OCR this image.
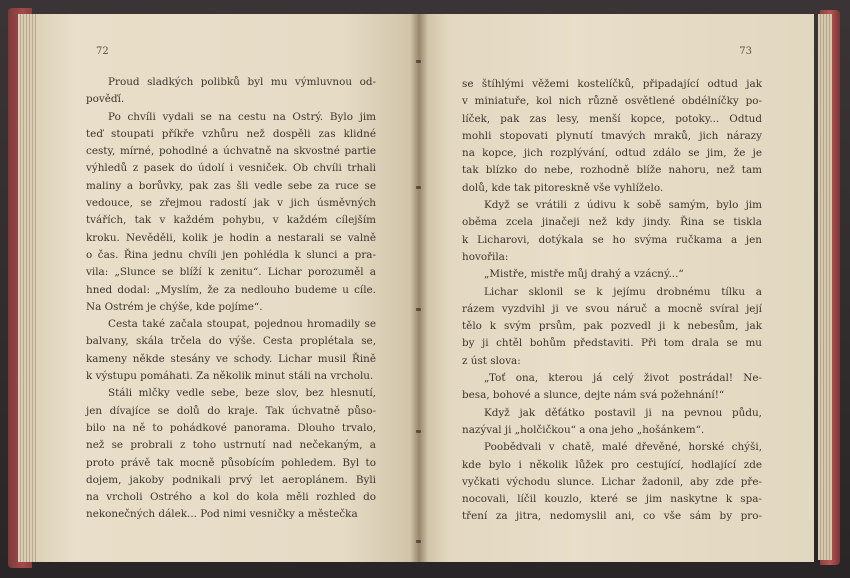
72
Proud sladkých polibků byl mu výmluvnou od-
pověďí.
Po chvíli vydali se na cestu na Ostrý. Bylo jim
teď stoupati příkře vzhůru než dospěli zas klidné
cesty, mírné, pohodlné a úchvatně na skvostné partie
výhledů z pasek do údolí i vesniček. Ob chvíli trhali
maliny a borůvky, pak zas šli vedle sebe za ruce se
vedouce, se zřejmou radostí jak v jich úsměvných
tvářích, tak v každém pohybu, v každém cílejším
kroku. Nevěděli, kolik je hodin a nestarali se valně
o čas. Řina jednu chvíli jen pohlédla k slunci a pra-
vila: „Slunce se blíží k zenitu“. Lichar porozuměl a
hned dodal: „Myslím, že za nedlouho budeme u cíle.
Na Ostrém je chýše, kde pojíme“.
Cesta také začala stoupat, pojednou hromadily se
balvany, skála trčela do výše. Cesta proplétala se,
kameny někde stesány ve schody. Lichar musil Řině
k výstupu pomáhati. Za několik minut stáli na vrcholu.
Stáli mlčky vedle sebe, beze slov, bez hlesnutí,
jen dívajíce se dolů do kraje. Tak úchvatně půso-
bilo na ně to pohádkové panorama. Dlouho trvalo,
než se probrali z toho ustrnutí nad nečekaným, a
proto právě tak mocně působícím pohledem. Byl to
dojem, jakoby podnikali prvý let aeroplánem. Byli
na vrcholi Ostrého a kol do kola měli rozhled do
nekonečných dálek... Pod nimi vesničky a městečka
73
se štíhlými věžemi kostelíčků, připadající odtud jak
v miniatuře, kol nich různě osvětlené obdélníčky po-
líček, pak zas lesy, menší kopce, potoky... Odtud
mohli stopovati plynutí tmavých mraků, jich nárazy
na kopce, jich rozplývání, odtud zdálo se jim, že je
tak blízko do nebe, rozhodně blíže nahoru, než tam
dolů, kde tak pitoreskně vše vyhlíželo.
Když se vrátili z údivu k sobě samým, bylo jim
oběma zcela jinačeji než kdy jindy. Řina se tiskla
k Licharovi, dotýkala se ho svýma ručkama a jen
hovořila:
„Mistře, mistře můj drahý a vzácný...“
Lichar sklonil se k jejímu drobnému tílku a
rázem vyzdvihl ji ve svou náruč a mocně svíral její
tělo k svým prsům, pak pozvedl ji k nebesům, jak
by ji chtěl bohům představiti. Při tom drala se mu
z úst slova:
„Toť ona, kterou já celý život postrádal! Ne-
besa, bohové a slunce, dejte nám svá požehnání!“
Když jak děťátko postavil ji na pevnou půdu,
nazýval ji „holčičkou“ a ona jeho „hošánkem“.
Poobědvali v chatě, malé dřevěné, horské chýši,
kde bylo i několik lůžek pro cestující, hodlající zde
vyčkati východu slunce. Lichar žadonil, aby zde pře-
nocovali, líčil kouzlo, které se jim naskytne k spa-
tření za jitra, nedomyslil ani, co vše sám by pro-
